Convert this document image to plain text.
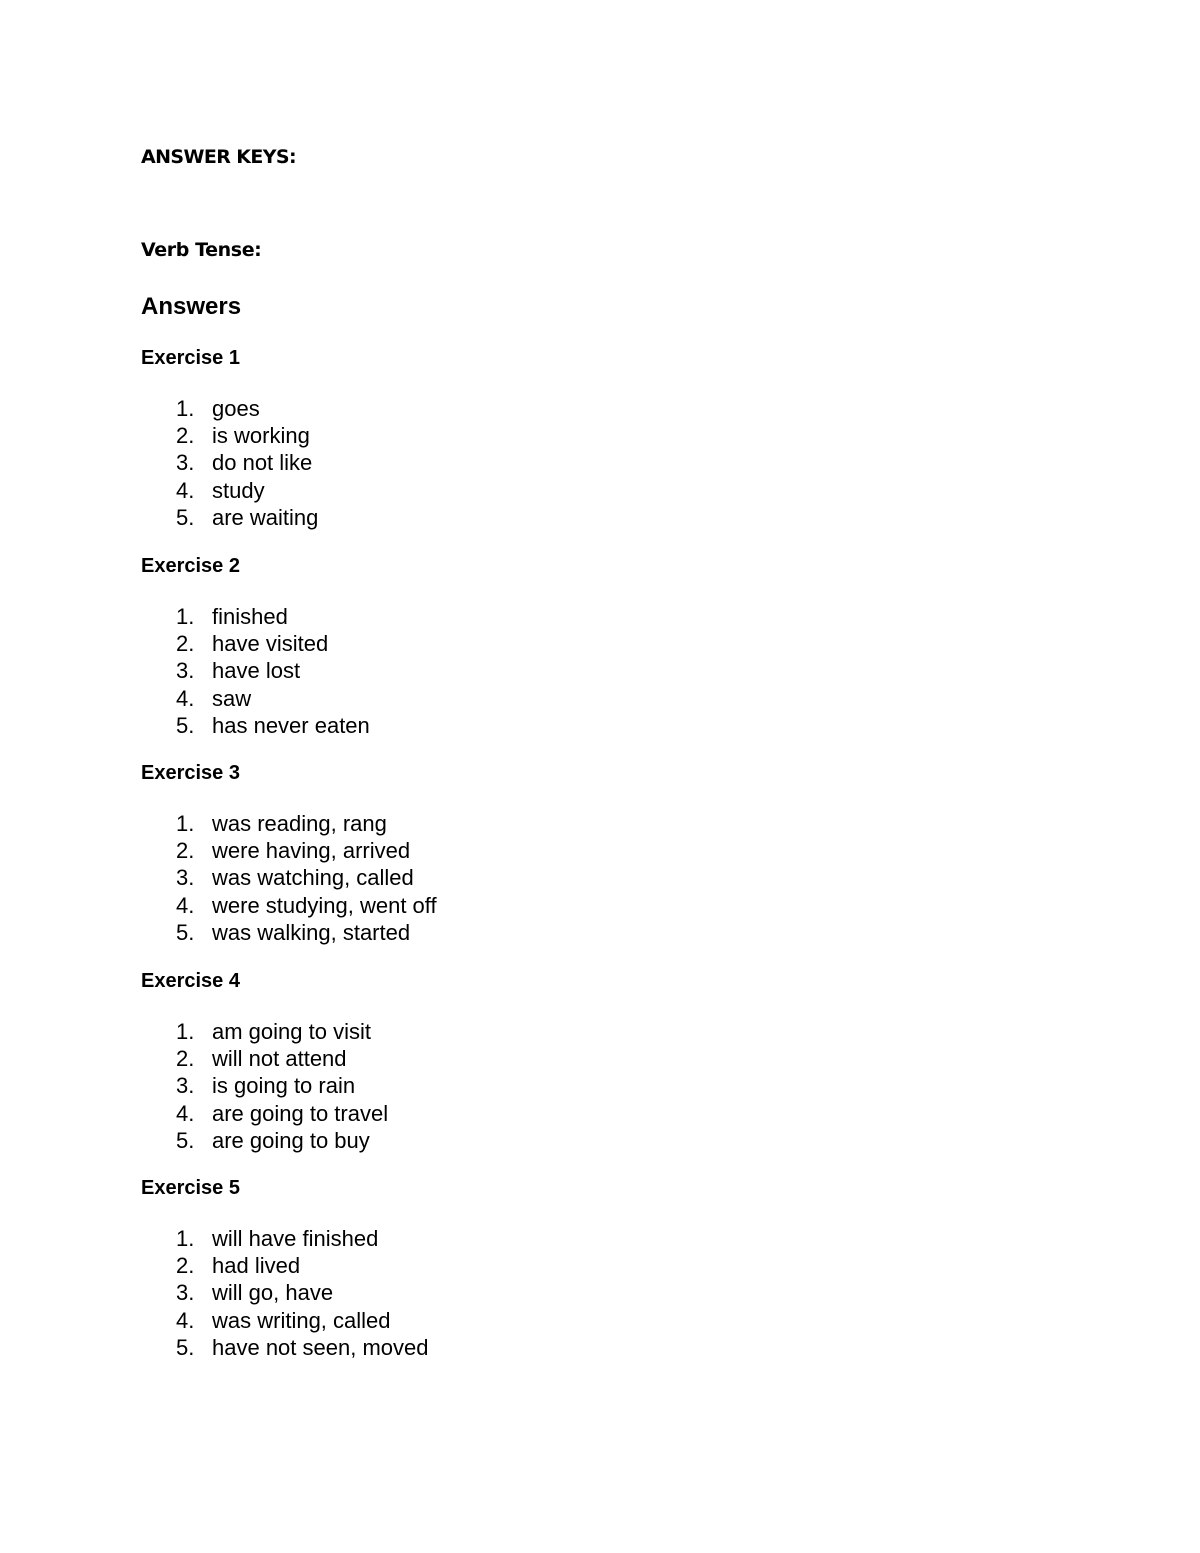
ANSWER KEYS:
Verb Tense:
Answers
Exercise 1
1. goes
2. is working
3. do not like
4. study
5. are waiting
Exercise 2
1. finished
2. have visited
3. have lost
4. saw
5. has never eaten
Exercise 3
1. was reading, rang
2. were having, arrived
3. was watching, called
4. were studying, went off
5. was walking, started
Exercise 4
1. am going to visit
2. will not attend
3. is going to rain
4. are going to travel
5. are going to buy
Exercise 5
1. will have finished
2. had lived
3. will go, have
4. was writing, called
5. have not seen, moved
